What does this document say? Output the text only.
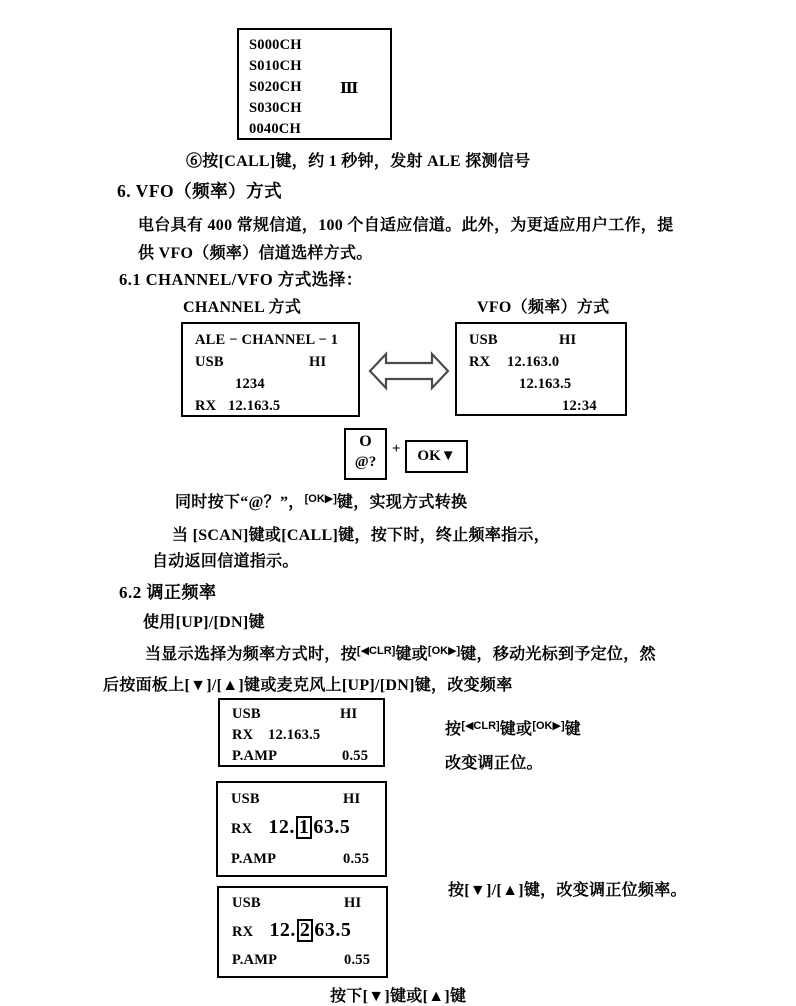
S000CH
S010CH
S020CH
S030CH
0040CH
Ⅲ
⑥按[CALL]键，约 1 秒钟，发射 ALE 探测信号
6. VFO（频率）方式
电台具有 400 常规信道，100 个自适应信道。此外，为更适应用户工作，提
供 VFO（频率）信道选样方式。
6.1 CHANNEL/VFO 方式选择：
CHANNEL 方式	VFO（频率）方式
ALE − CHANNEL − 1
USB	HI
1234
RX 12.163.5
USB	HI
RX 12.163.0
12.163.5
12:34
O
@?
+	OK▼
同时按下“@？”，[OK▶]键，实现方式转换
当 [SCAN]键或[CALL]键，按下时，终止频率指示，
自动返回信道指示。
6.2 调正频率
使用[UP]/[DN]键
当显示选择为频率方式时，按[◀CLR]键或[OK▶]键，移动光标到予定位，然
后按面板上[▼]/[▲]键或麦克风上[UP]/[DN]键，改变频率
USB	HI
RX 12.163.5
P.AMP	0.55
按[◀CLR]键或[OK▶]键
改变调正位。
USB	HI
RX 12. 1 63.5
P.AMP	0.55
按[▼]/[▲]键，改变调正位频率。
USB	HI
RX 12. 2 63.5
P.AMP	0.55
按下[▼]键或[▲]键
